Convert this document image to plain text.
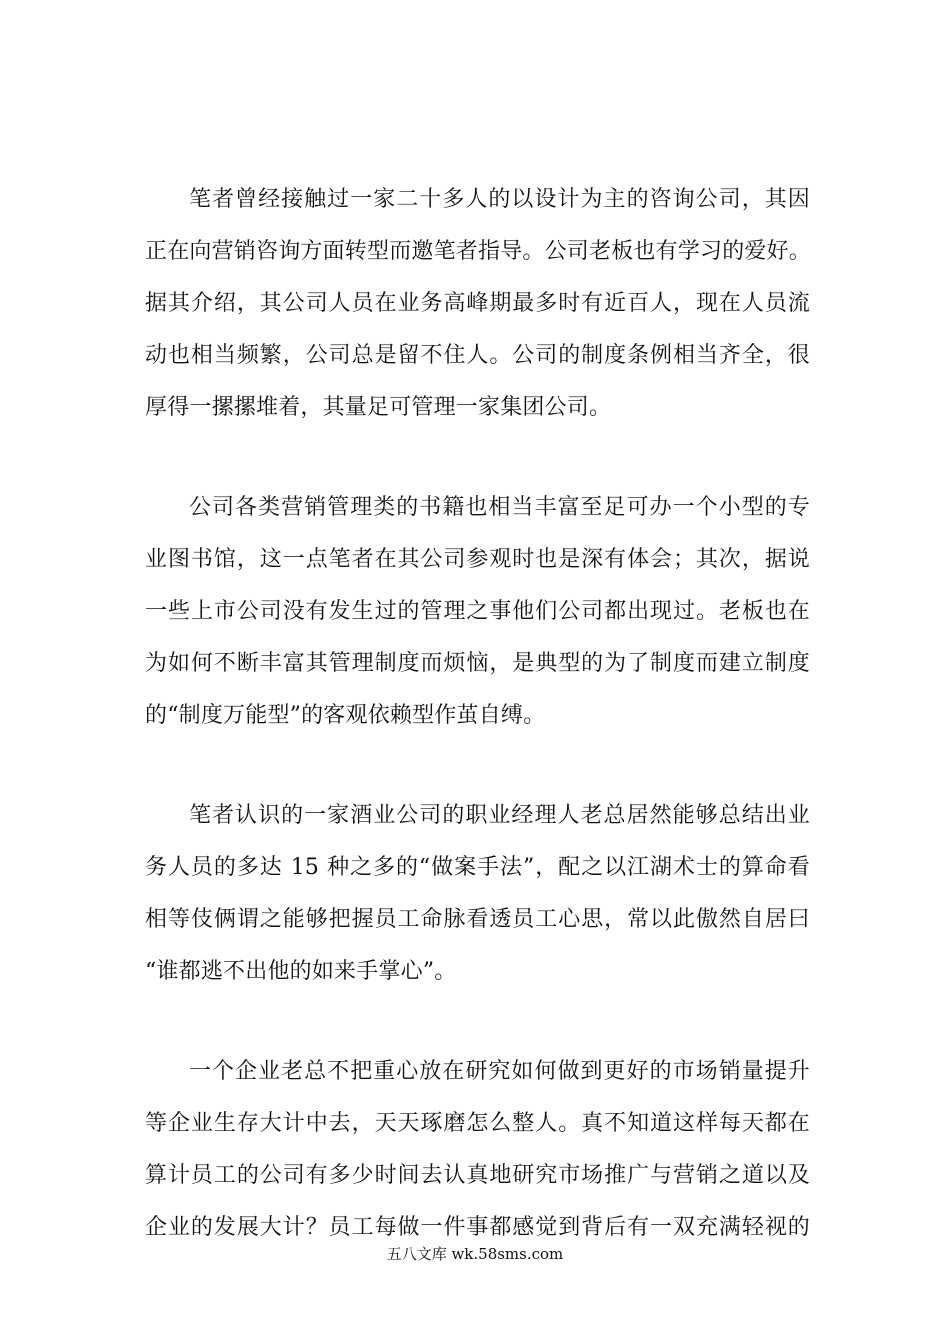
笔者曾经接触过一家二十多人的以设计为主的咨询公司，其因
正在向营销咨询方面转型而邀笔者指导。公司老板也有学习的爱好。
据其介绍，其公司人员在业务高峰期最多时有近百人，现在人员流
动也相当频繁，公司总是留不住人。公司的制度条例相当齐全，很
厚得一摞摞堆着，其量足可管理一家集团公司。
公司各类营销管理类的书籍也相当丰富至足可办一个小型的专
业图书馆，这一点笔者在其公司参观时也是深有体会；其次，据说
一些上市公司没有发生过的管理之事他们公司都出现过。老板也在
为如何不断丰富其管理制度而烦恼，是典型的为了制度而建立制度
的“制度万能型”的客观依赖型作茧自缚。
笔者认识的一家酒业公司的职业经理人老总居然能够总结出业
务人员的多达 15 种之多的“做案手法”，配之以江湖术士的算命看
相等伎俩谓之能够把握员工命脉看透员工心思，常以此傲然自居曰
“谁都逃不出他的如来手掌心”。
一个企业老总不把重心放在研究如何做到更好的市场销量提升
等企业生存大计中去，天天琢磨怎么整人。真不知道这样每天都在
算计员工的公司有多少时间去认真地研究市场推广与营销之道以及
企业的发展大计？员工每做一件事都感觉到背后有一双充满轻视的
五八文库 wk.58sms.com
